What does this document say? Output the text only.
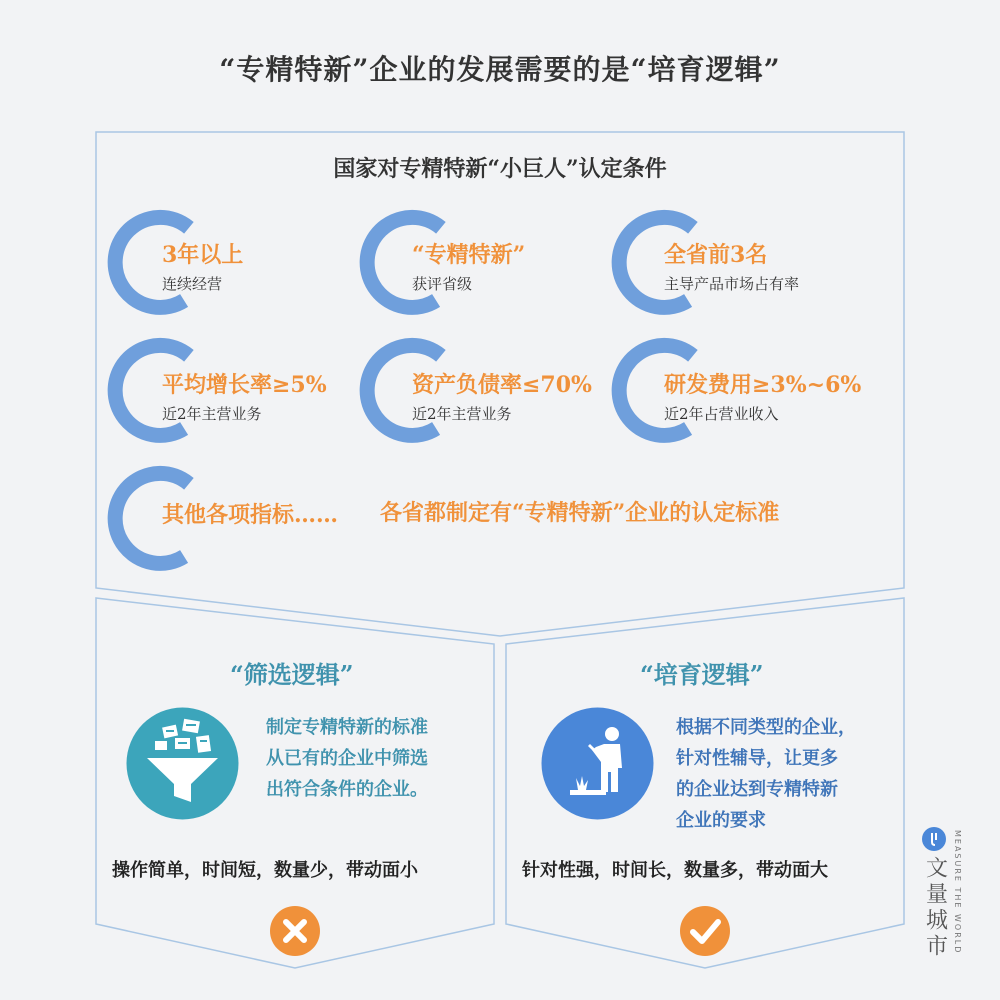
“专精特新”企业的发展需要的是“培育逻辑”
国家对专精特新“小巨人”认定条件
3年以上
连续经营
“专精特新”
获评省级
全省前3名
主导产品市场占有率
平均增长率≥5%
近2年主营业务
资产负债率≤70%
近2年主营业务
研发费用≥3%~6%
近2年占营业收入
其他各项指标…… 各省都制定有“专精特新”企业的认定标准
“筛选逻辑”
制定专精特新的标准
从已有的企业中筛选
出符合条件的企业。
操作简单，时间短，数量少，带动面小
“培育逻辑”
根据不同类型的企业，
针对性辅导，让更多
的企业达到专精特新
企业的要求
针对性强，时间长，数量多，带动面大	文量城市 MEASURE THE WORLD
